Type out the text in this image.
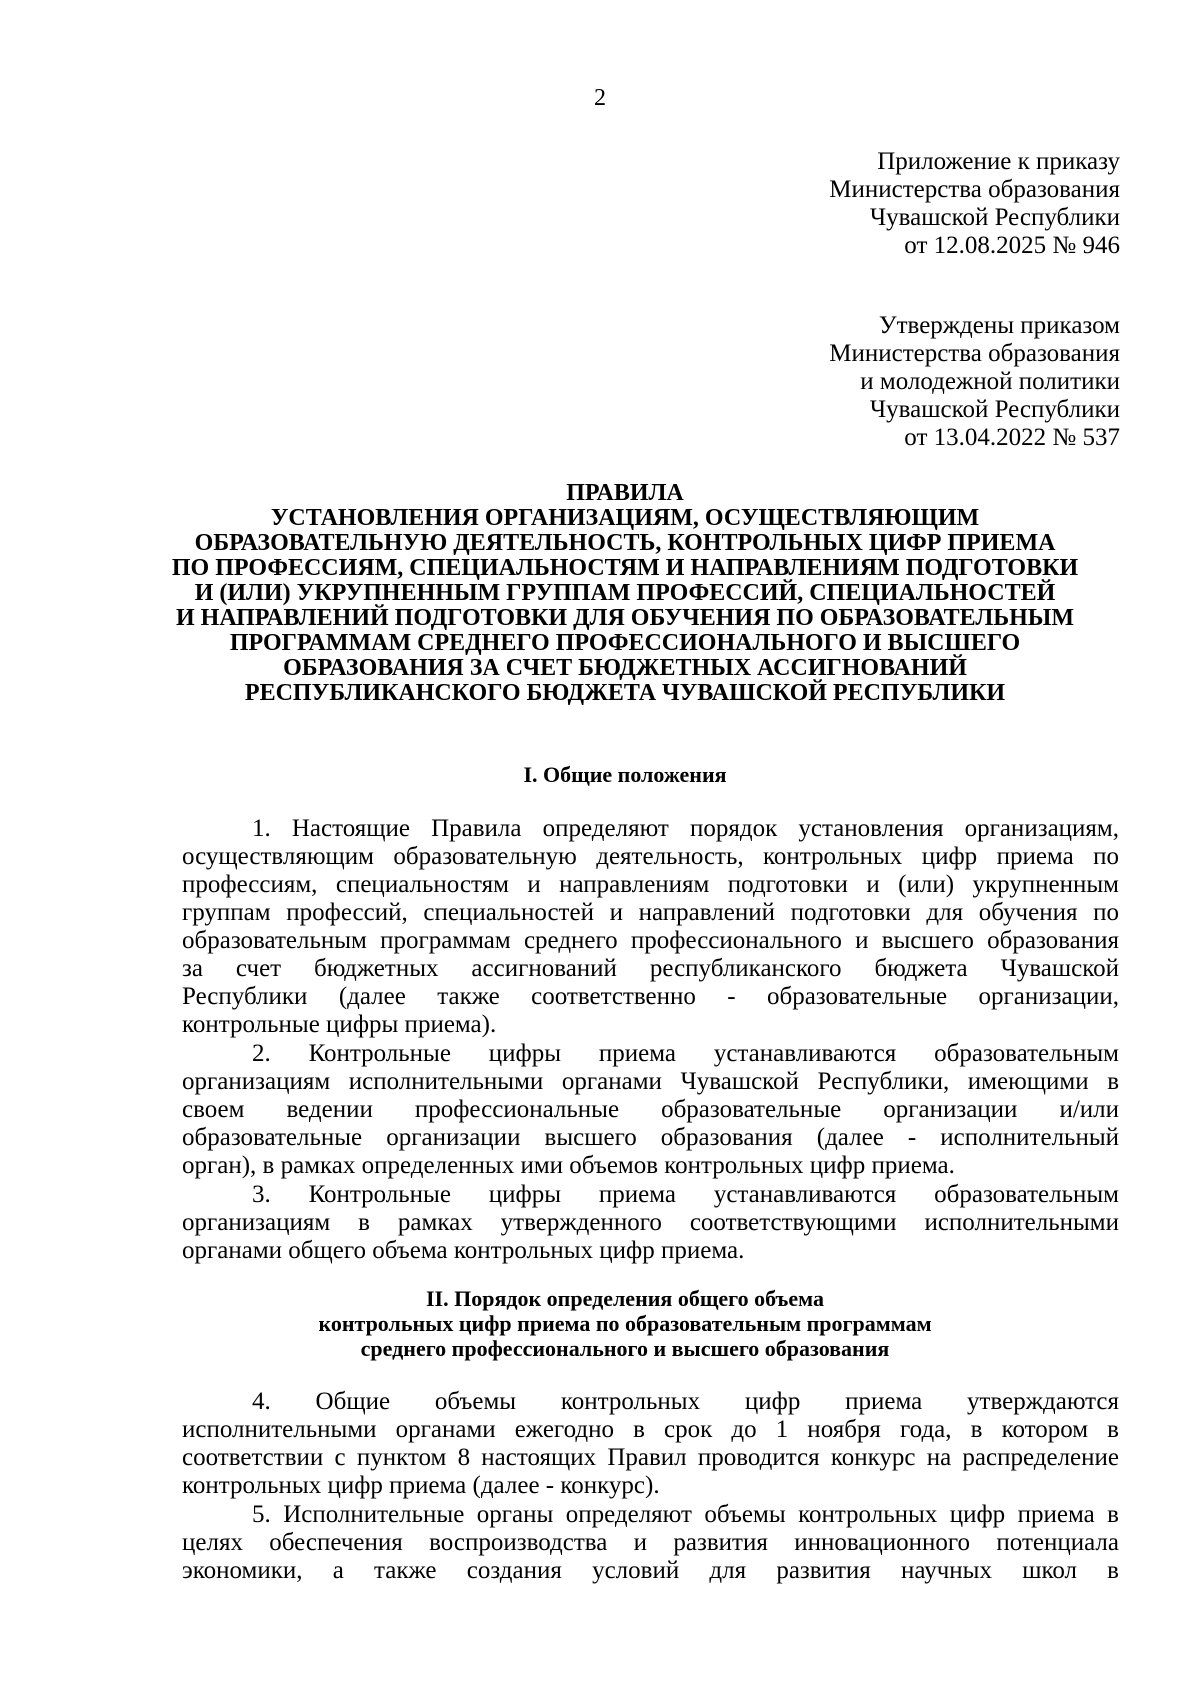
2
Приложение к приказу
Министерства образования
Чувашской Республики
от 12.08.2025 № 946
Утверждены приказом
Министерства образования
и молодежной политики
Чувашской Республики
от 13.04.2022 № 537
ПРАВИЛА
УСТАНОВЛЕНИЯ ОРГАНИЗАЦИЯМ, ОСУЩЕСТВЛЯЮЩИМ
ОБРАЗОВАТЕЛЬНУЮ ДЕЯТЕЛЬНОСТЬ, КОНТРОЛЬНЫХ ЦИФР ПРИЕМА
ПО ПРОФЕССИЯМ, СПЕЦИАЛЬНОСТЯМ И НАПРАВЛЕНИЯМ ПОДГОТОВКИ
И (ИЛИ) УКРУПНЕННЫМ ГРУППАМ ПРОФЕССИЙ, СПЕЦИАЛЬНОСТЕЙ
И НАПРАВЛЕНИЙ ПОДГОТОВКИ ДЛЯ ОБУЧЕНИЯ ПО ОБРАЗОВАТЕЛЬНЫМ
ПРОГРАММАМ СРЕДНЕГО ПРОФЕССИОНАЛЬНОГО И ВЫСШЕГО
ОБРАЗОВАНИЯ ЗА СЧЕТ БЮДЖЕТНЫХ АССИГНОВАНИЙ
РЕСПУБЛИКАНСКОГО БЮДЖЕТА ЧУВАШСКОЙ РЕСПУБЛИКИ
I. Общие положения
1. Настоящие Правила определяют порядок установления организациям,
осуществляющим образовательную деятельность, контрольных цифр приема по
профессиям, специальностям и направлениям подготовки и (или) укрупненным
группам профессий, специальностей и направлений подготовки для обучения по
образовательным программам среднего профессионального и высшего образования
за счет бюджетных ассигнований республиканского бюджета Чувашской
Республики (далее также соответственно - образовательные организации,
контрольные цифры приема).
2. Контрольные цифры приема устанавливаются образовательным
организациям исполнительными органами Чувашской Республики, имеющими в
своем ведении профессиональные образовательные организации и/или
образовательные организации высшего образования (далее - исполнительный
орган), в рамках определенных ими объемов контрольных цифр приема.
3. Контрольные цифры приема устанавливаются образовательным
организациям в рамках утвержденного соответствующими исполнительными
органами общего объема контрольных цифр приема.
II. Порядок определения общего объема
контрольных цифр приема по образовательным программам
среднего профессионального и высшего образования
4. Общие объемы контрольных цифр приема утверждаются
исполнительными органами ежегодно в срок до 1 ноября года, в котором в
соответствии с пунктом 8 настоящих Правил проводится конкурс на распределение
контрольных цифр приема (далее - конкурс).
5. Исполнительные органы определяют объемы контрольных цифр приема в
целях обеспечения воспроизводства и развития инновационного потенциала
экономики, а также создания условий для развития научных школ в
